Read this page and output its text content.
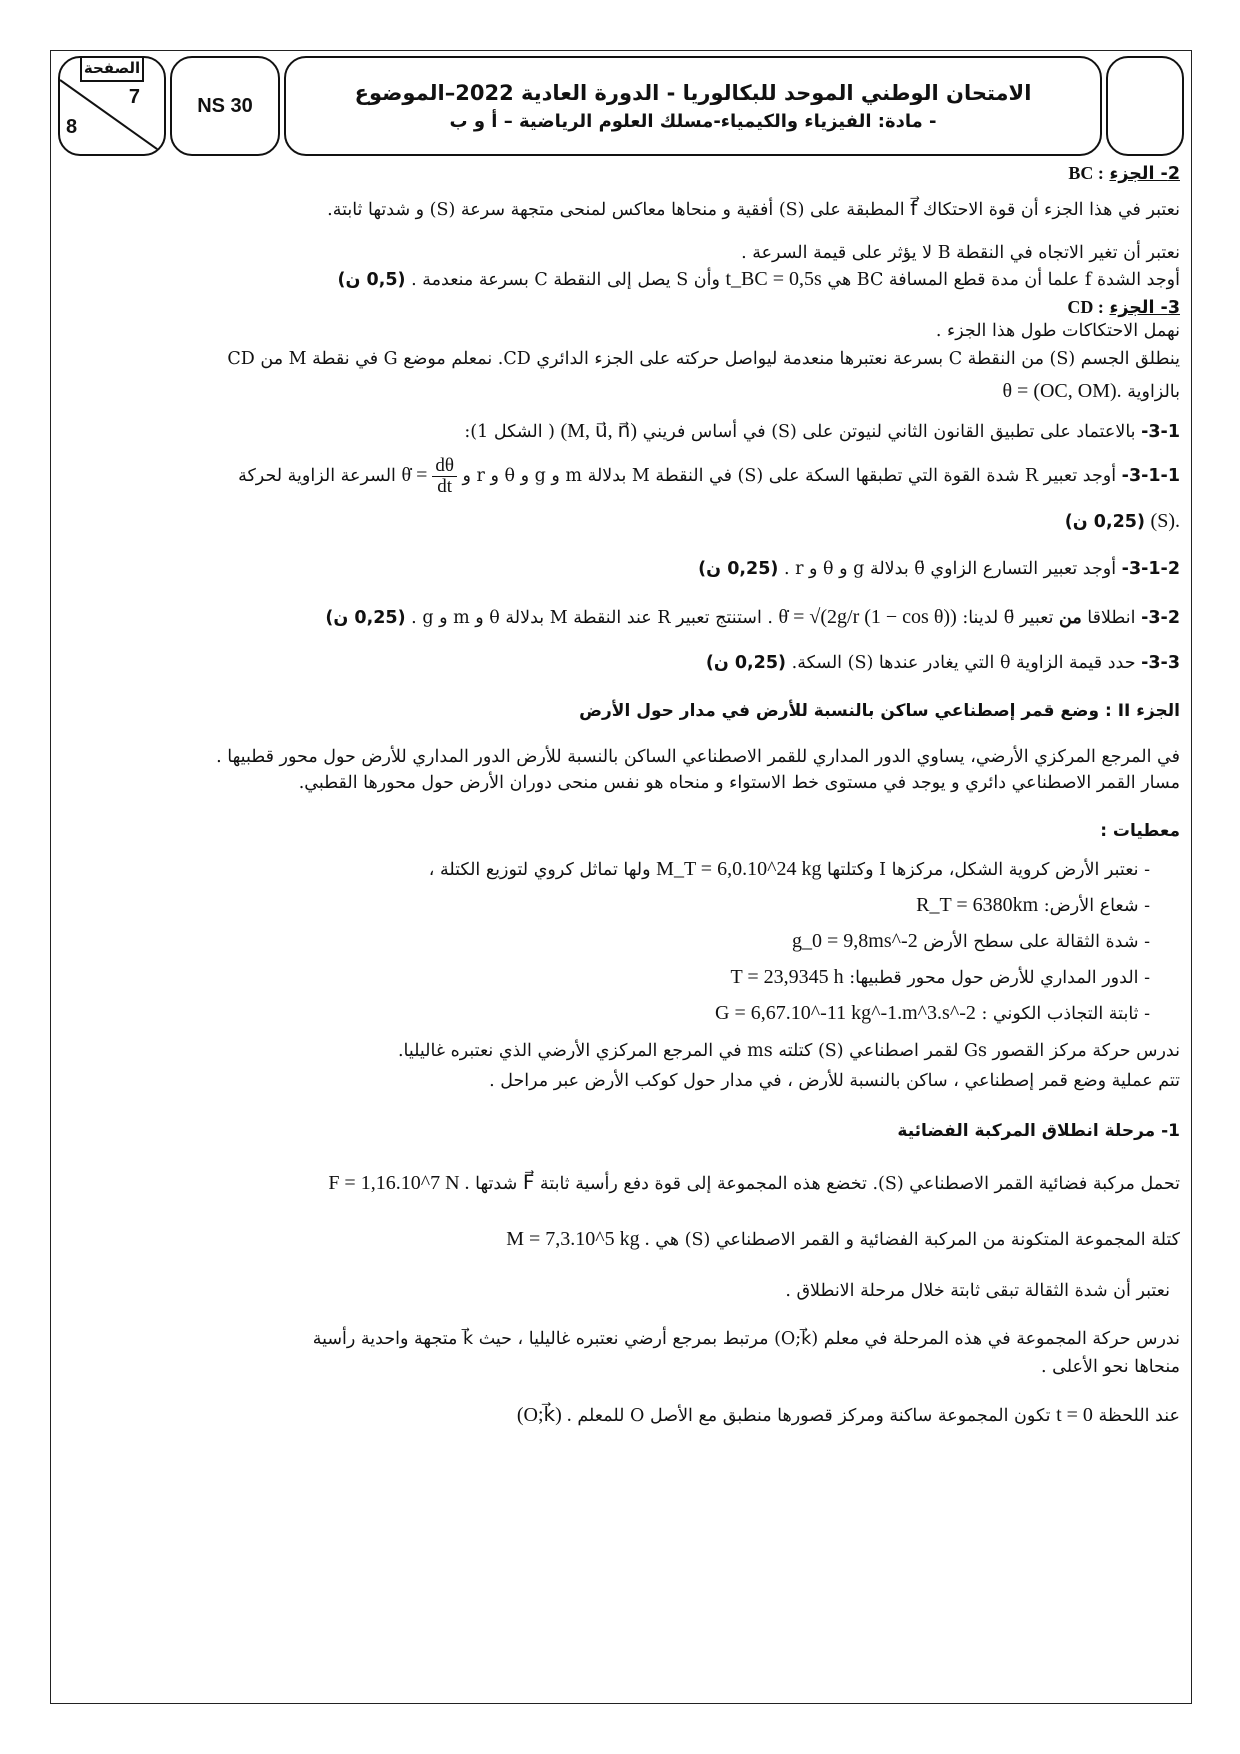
الصفحة
7
8
NS 30
الامتحان الوطني الموحد للبكالوريا - الدورة العادية 2022–الموضوع
- مادة: الفيزياء والكيمياء-مسلك العلوم الرياضية – أ و ب
2- الجزء BC :
نعتبر في هذا الجزء أن قوة الاحتكاك f⃗ المطبقة على (S) أفقية و منحاها معاكس لمنحى متجهة سرعة (S) و شدتها ثابتة.
نعتبر أن تغير الاتجاه في النقطة B لا يؤثر على قيمة السرعة .
أوجد الشدة f علما أن مدة قطع المسافة BC هي t_BC = 0,5s وأن S يصل إلى النقطة C بسرعة منعدمة . (0,5 ن)
3- الجزء CD :
نهمل الاحتكاكات طول هذا الجزء .
ينطلق الجسم (S) من النقطة C بسرعة نعتبرها منعدمة ليواصل حركته على الجزء الدائري CD. نمعلم موضع G في نقطة M من CD
بالزاوية θ = (OC, OM).
3-1- بالاعتماد على تطبيق القانون الثاني لنيوتن على (S) في أساس فريني (M, u⃗, n⃗) ( الشكل 1):
3-1-1- أوجد تعبير R شدة القوة التي تطبقها السكة على (S) في النقطة M بدلالة m و g و θ و r و θ̇ = $\frac{d\theta}{dt}$
السرعة الزاوية لحركة
(S). (0,25 ن)
3-1-2- أوجد تعبير التسارع الزاوي θ̈ بدلالة g و θ و r . (0,25 ن)
3-2- انطلاقا من تعبير θ̈ لدينا: θ̇ = √(2g/r (1 − cos θ)) . استنتج تعبير R عند النقطة M بدلالة θ و m و g . (0,25 ن)
3-3- حدد قيمة الزاوية θ التي يغادر عندها (S) السكة. (0,25 ن)
الجزء II : وضع قمر إصطناعي ساكن بالنسبة للأرض في مدار حول الأرض
في المرجع المركزي الأرضي، يساوي الدور المداري للقمر الاصطناعي الساكن بالنسبة للأرض الدور المداري للأرض حول محور قطبيها .
مسار القمر الاصطناعي دائري و يوجد في مستوى خط الاستواء و منحاه هو نفس منحى دوران الأرض حول محورها القطبي.
معطيات :
- نعتبر الأرض كروية الشكل، مركزها I وكتلتها M_T = 6,0.10^24 kg ولها تماثل كروي لتوزيع الكتلة ،
- شعاع الأرض: R_T = 6380km
- شدة الثقالة على سطح الأرض g_0 = 9,8ms^-2
- الدور المداري للأرض حول محور قطبيها: T = 23,9345 h
- ثابتة التجاذب الكوني : G = 6,67.10^-11 kg^-1.m^3.s^-2
ندرس حركة مركز القصور Gs لقمر اصطناعي (S) كتلته ms في المرجع المركزي الأرضي الذي نعتبره غاليليا.
تتم عملية وضع قمر إصطناعي ، ساكن بالنسبة للأرض ، في مدار حول كوكب الأرض عبر مراحل .
1- مرحلة انطلاق المركبة الفضائية
تحمل مركبة فضائية القمر الاصطناعي (S). تخضع هذه المجموعة إلى قوة دفع رأسية ثابتة F⃗ شدتها F = 1,16.10^7 N .
كتلة المجموعة المتكونة من المركبة الفضائية و القمر الاصطناعي (S) هي M = 7,3.10^5 kg .
نعتبر أن شدة الثقالة تبقى ثابتة خلال مرحلة الانطلاق .
ندرس حركة المجموعة في هذه المرحلة في معلم (O;k⃗) مرتبط بمرجع أرضي نعتبره غاليليا ، حيث k⃗ متجهة واحدية رأسية
منحاها نحو الأعلى .
عند اللحظة t = 0 تكون المجموعة ساكنة ومركز قصورها منطبق مع الأصل O للمعلم (O;k⃗) .
